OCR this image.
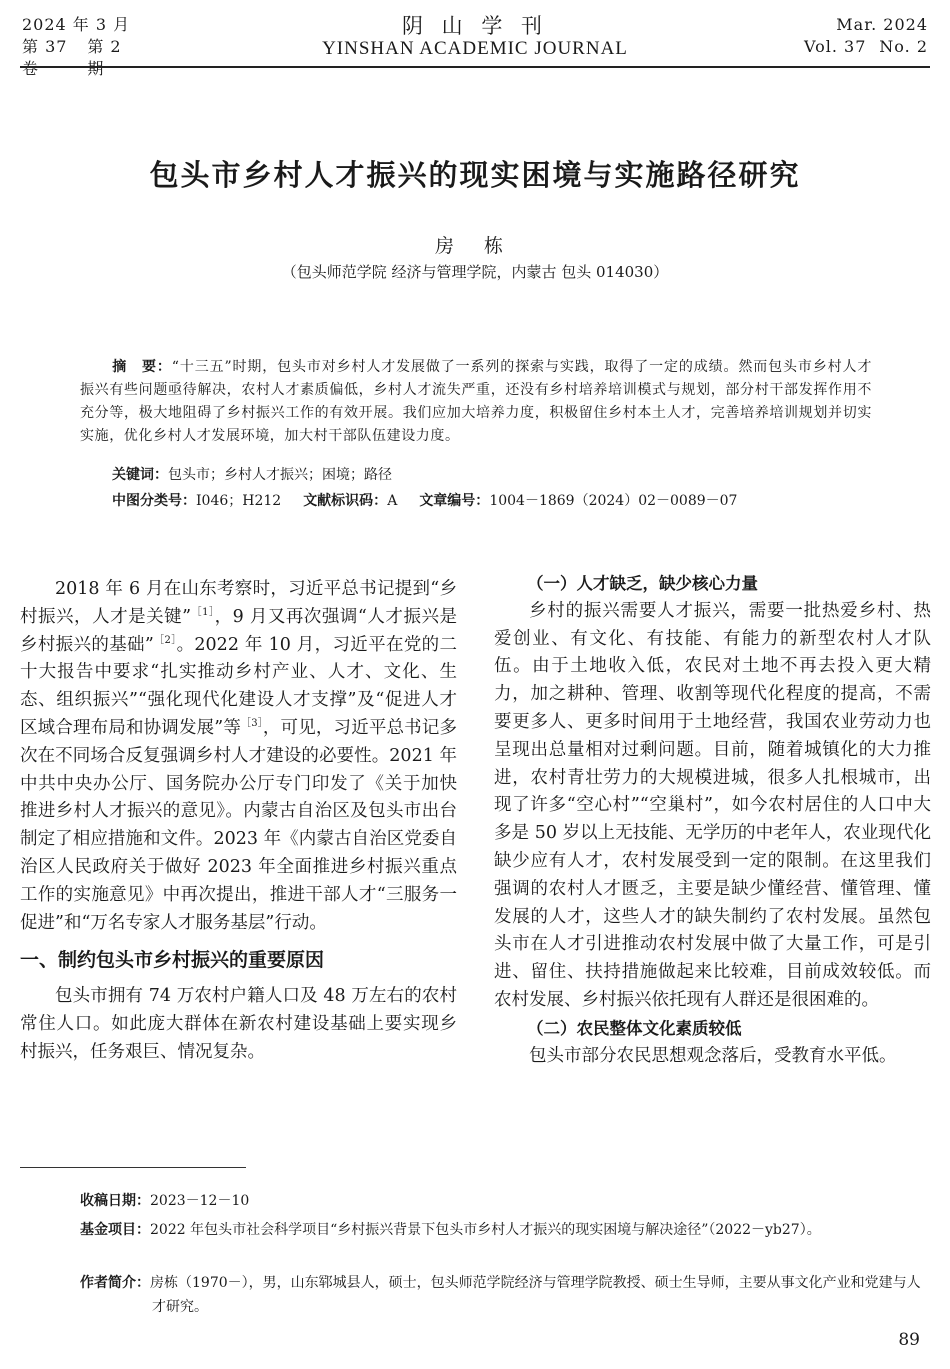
2024 年 3 月
第 37 卷
第 2 期
阴 山 学 刊
YINSHAN ACADEMIC JOURNAL
Mar. 2024
Vol. 37 No. 2
包头市乡村人才振兴的现实困境与实施路径研究
房 栋
（包头师范学院 经济与管理学院，内蒙古 包头 014030）
摘　要：“十三五”时期，包头市对乡村人才发展做了一系列的探索与实践，取得了一定的成绩。然而包头市乡村人才振兴有些问题亟待解决，农村人才素质偏低，乡村人才流失严重，还没有乡村培养培训模式与规划，部分村干部发挥作用不充分等，极大地阻碍了乡村振兴工作的有效开展。我们应加大培养力度，积极留住乡村本土人才，完善培养培训规划并切实实施，优化乡村人才发展环境，加大村干部队伍建设力度。
关键词：包头市；乡村人才振兴；困境；路径
中图分类号：I046；H212 文献标识码：A 文章编号：1004－1869（2024）02－0089－07

2018 年 6 月在山东考察时，习近平总书记提到“乡村振兴，人才是关键”$^{[1]}$，9 月又再次强调“人才振兴是乡村振兴的基础”$^{[2]}$。2022 年 10 月，习近平在党的二十大报告中要求“扎实推动乡村产业、人才、文化、生态、组织振兴”“强化现代化建设人才支撑”及“促进人才区域合理布局和协调发展”等$^{[3]}$，可见，习近平总书记多次在不同场合反复强调乡村人才建设的必要性。2021 年中共中央办公厅、国务院办公厅专门印发了《关于加快推进乡村人才振兴的意见》。内蒙古自治区及包头市出台制定了相应措施和文件。2023 年《内蒙古自治区党委自治区人民政府关于做好 2023 年全面推进乡村振兴重点工作的实施意见》中再次提出，推进干部人才“三服务一促进”和“万名专家人才服务基层”行动。

一、制约包头市乡村振兴的重要原因

包头市拥有 74 万农村户籍人口及 48 万左右的农村常住人口。如此庞大群体在新农村建设基础上要实现乡村振兴，任务艰巨、情况复杂。

（一）人才缺乏，缺少核心力量

乡村的振兴需要人才振兴，需要一批热爱乡村、热爱创业、有文化、有技能、有能力的新型农村人才队伍。由于土地收入低，农民对土地不再去投入更大精力，加之耕种、管理、收割等现代化程度的提高，不需要更多人、更多时间用于土地经营，我国农业劳动力也呈现出总量相对过剩问题。目前，随着城镇化的大力推进，农村青壮劳力的大规模进城，很多人扎根城市，出现了许多“空心村”“空巢村”，如今农村居住的人口中大多是 50 岁以上无技能、无学历的中老年人，农业现代化缺少应有人才，农村发展受到一定的限制。在这里我们强调的农村人才匮乏，主要是缺少懂经营、懂管理、懂发展的人才，这些人才的缺失制约了农村发展。虽然包头市在人才引进推动农村发展中做了大量工作，可是引进、留住、扶持措施做起来比较难，目前成效较低。而农村发展、乡村振兴依托现有人群还是很困难的。

（二）农民整体文化素质较低

包头市部分农民思想观念落后，受教育水平低。

收稿日期：2023－12－10
基金项目：2022 年包头市社会科学项目“乡村振兴背景下包头市乡村人才振兴的现实困境与解决途径”（2022－yb27）。
作者简介：房栋（1970－），男，山东郓城县人，硕士，包头师范学院经济与管理学院教授、硕士生导师，主要从事文化产业和党建与人才研究。
89
